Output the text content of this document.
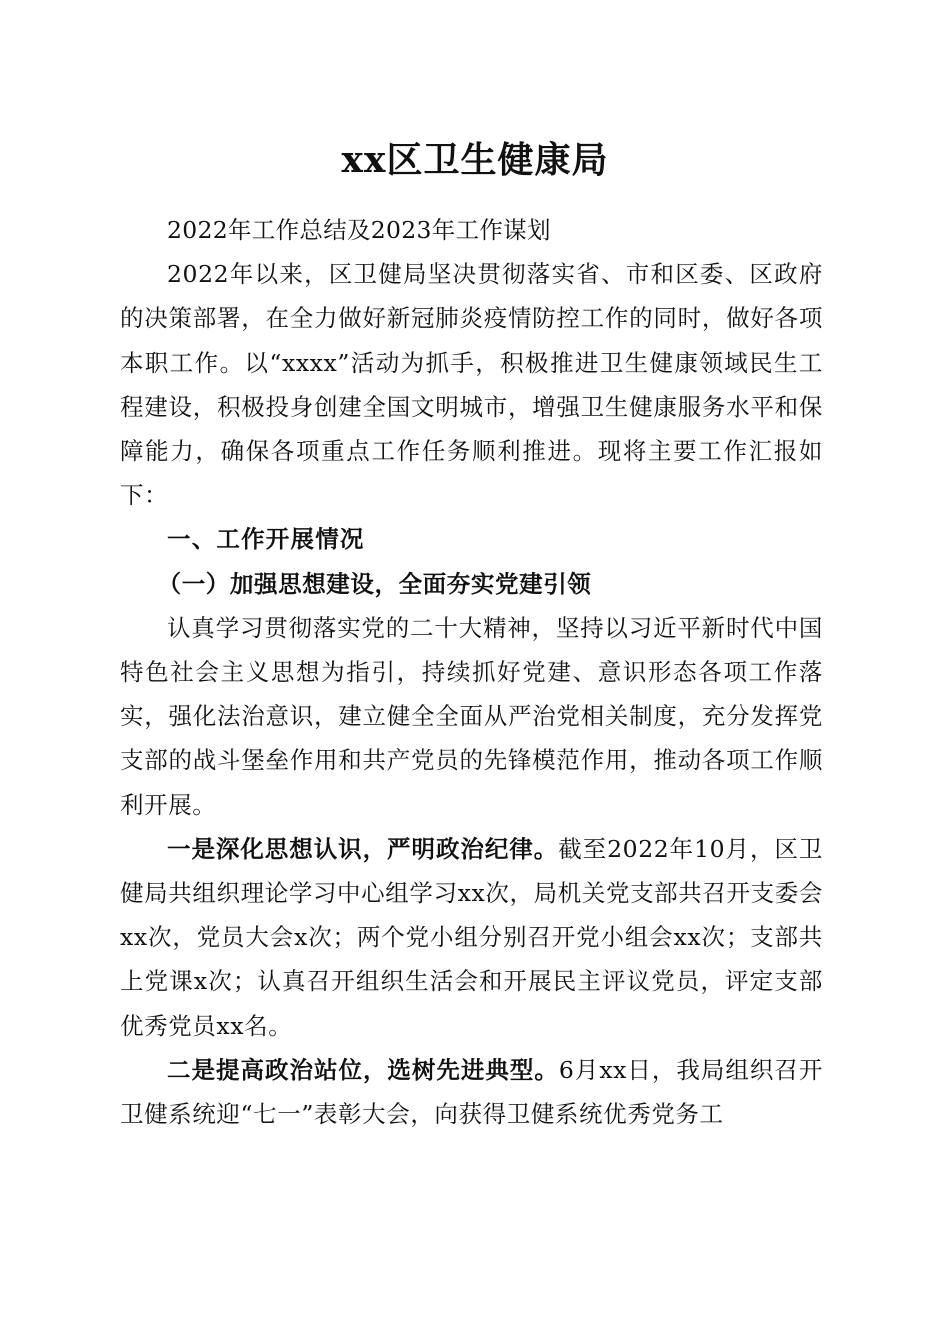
xx区卫生健康局

2022年工作总结及2023年工作谋划

2022年以来，区卫健局坚决贯彻落实省、市和区委、区政府的决策部署，在全力做好新冠肺炎疫情防控工作的同时，做好各项本职工作。以“xxxx”活动为抓手，积极推进卫生健康领域民生工程建设，积极投身创建全国文明城市，增强卫生健康服务水平和保障能力，确保各项重点工作任务顺利推进。现将主要工作汇报如下：

一、工作开展情况

（一）加强思想建设，全面夯实党建引领

认真学习贯彻落实党的二十大精神，坚持以习近平新时代中国特色社会主义思想为指引，持续抓好党建、意识形态各项工作落实，强化法治意识，建立健全全面从严治党相关制度，充分发挥党支部的战斗堡垒作用和共产党员的先锋模范作用，推动各项工作顺利开展。

一是深化思想认识，严明政治纪律。截至2022年10月，区卫健局共组织理论学习中心组学习xx次，局机关党支部共召开支委会xx次，党员大会x次；两个党小组分别召开党小组会xx次；支部共上党课x次；认真召开组织生活会和开展民主评议党员，评定支部优秀党员xx名。

二是提高政治站位，选树先进典型。6月xx日，我局组织召开卫健系统迎“七一”表彰大会，向获得卫健系统优秀党务工
